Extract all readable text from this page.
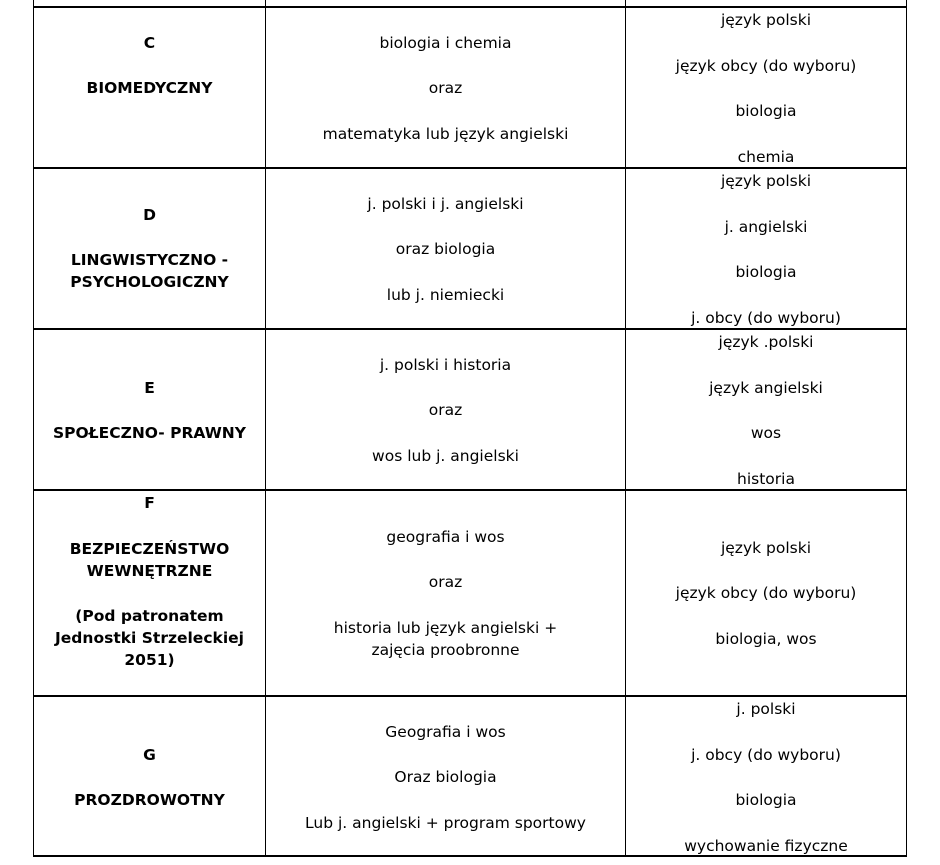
C
BIOMEDYCZNY
biologia i chemia
oraz
matematyka lub język angielski
język polski
język obcy (do wyboru)
biologia
chemia
D
LINGWISTYCZNO - PSYCHOLOGICZNY
j. polski i j. angielski
oraz biologia
lub j. niemiecki
język polski
j. angielski
biologia
j. obcy (do wyboru)
E
SPOŁECZNO- PRAWNY
j. polski i historia
oraz
wos lub j. angielski
język .polski
język angielski
wos
historia
F
BEZPIECZEŃSTWO WEWNĘTRZNE
(Pod patronatem Jednostki Strzeleckiej 2051)
geografia i wos
oraz
historia lub język angielski + zajęcia proobronne
język polski
język obcy (do wyboru)
biologia, wos
G
PROZDROWOTNY
Geografia i wos
Oraz biologia
Lub j. angielski + program sportowy
j. polski
j. obcy (do wyboru)
biologia
wychowanie fizyczne
